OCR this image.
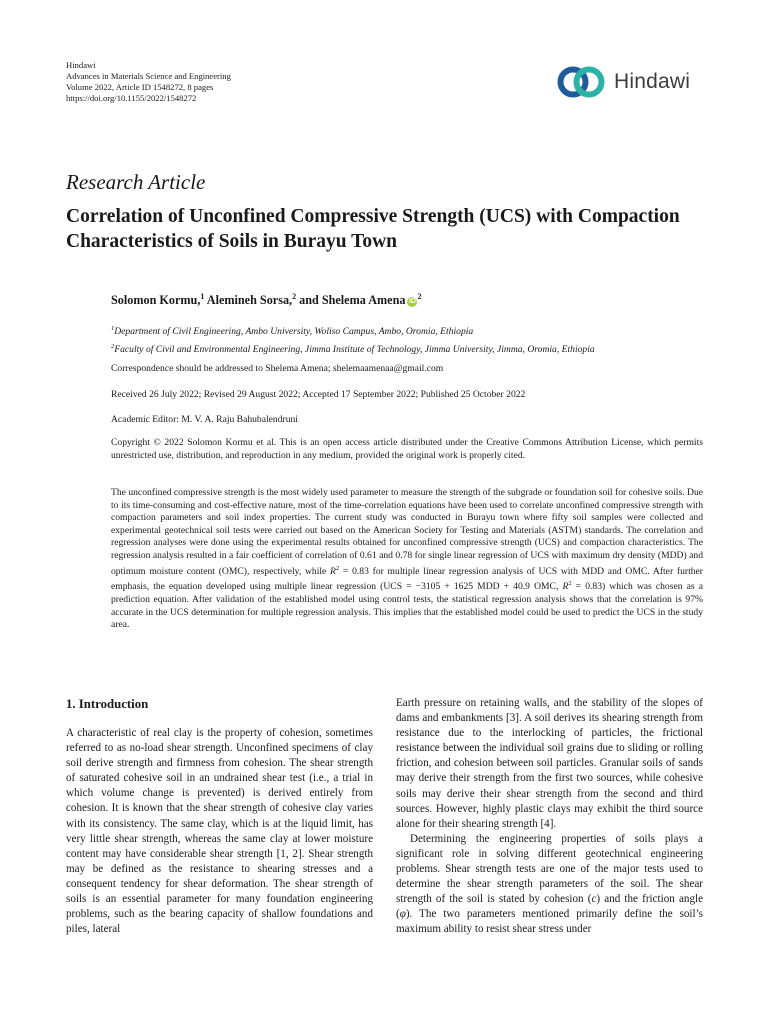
Hindawi
Advances in Materials Science and Engineering
Volume 2022, Article ID 1548272, 8 pages
https://doi.org/10.1155/2022/1548272
Hindawi
Research Article
Correlation of Unconfined Compressive Strength (UCS) with Compaction Characteristics of Soils in Burayu Town
Solomon Kormu,$^1$ Alemineh Sorsa,$^2$ and Shelema Amena $iD^2$
$^1$Department of Civil Engineering, Ambo University, Woliso Campus, Ambo, Oromia, Ethiopia
$^2$Faculty of Civil and Environmental Engineering, Jimma Institute of Technology, Jimma University, Jimma, Oromia, Ethiopia
Correspondence should be addressed to Shelema Amena; shelemaamenaa@gmail.com
Received 26 July 2022; Revised 29 August 2022; Accepted 17 September 2022; Published 25 October 2022
Academic Editor: M. V. A. Raju Bahubalendruni
Copyright © 2022 Solomon Kormu et al. This is an open access article distributed under the Creative Commons Attribution License, which permits unrestricted use, distribution, and reproduction in any medium, provided the original work is properly cited.
The unconfined compressive strength is the most widely used parameter to measure the strength of the subgrade or foundation soil for cohesive soils. Due to its time-consuming and cost-effective nature, most of the time-correlation equations have been used to correlate unconfined compressive strength with compaction parameters and soil index properties. The current study was conducted in Burayu town where fifty soil samples were collected and experimental geotechnical soil tests were carried out based on the American Society for Testing and Materials (ASTM) standards. The correlation and regression analyses were done using the experimental results obtained for unconfined compressive strength (UCS) and compaction characteristics. The regression analysis resulted in a fair coefficient of correlation of 0.61 and 0.78 for single linear regression of UCS with maximum dry density (MDD) and optimum moisture content (OMC), respectively, while $R^2 = 0.83$ for multiple linear regression analysis of UCS with MDD and OMC. After further emphasis, the equation developed using multiple linear regression (UCS = −3105 + 1625 MDD + 40.9 OMC, $R^2 = 0.83$) which was chosen as a prediction equation. After validation of the established model using control tests, the statistical regression analysis shows that the correlation is 97% accurate in the UCS determination for multiple regression analysis. This implies that the established model could be used to predict the UCS in the study area.
1. Introduction

A characteristic of real clay is the property of cohesion, sometimes referred to as no-load shear strength. Unconfined specimens of clay soil derive strength and firmness from cohesion. The shear strength of saturated cohesive soil in an undrained shear test (i.e., a trial in which volume change is prevented) is derived entirely from cohesion. It is known that the shear strength of cohesive clay varies with its consistency. The same clay, which is at the liquid limit, has very little shear strength, whereas the same clay at lower moisture content may have considerable shear strength [1, 2]. Shear strength may be defined as the resistance to shearing stresses and a consequent tendency for shear deformation. The shear strength of soils is an essential parameter for many foundation engineering problems, such as the bearing capacity of shallow foundations and piles, lateral

Earth pressure on retaining walls, and the stability of the slopes of dams and embankments [3]. A soil derives its shearing strength from resistance due to the interlocking of particles, the frictional resistance between the individual soil grains due to sliding or rolling friction, and cohesion between soil particles. Granular soils of sands may derive their strength from the first two sources, while cohesive soils may derive their shear strength from the second and third sources. However, highly plastic clays may exhibit the third source alone for their shearing strength [4].

Determining the engineering properties of soils plays a significant role in solving different geotechnical engineering problems. Shear strength tests are one of the major tests used to determine the shear strength parameters of the soil. The shear strength of the soil is stated by cohesion (c) and the friction angle (φ). The two parameters mentioned primarily define the soil’s maximum ability to resist shear stress under
